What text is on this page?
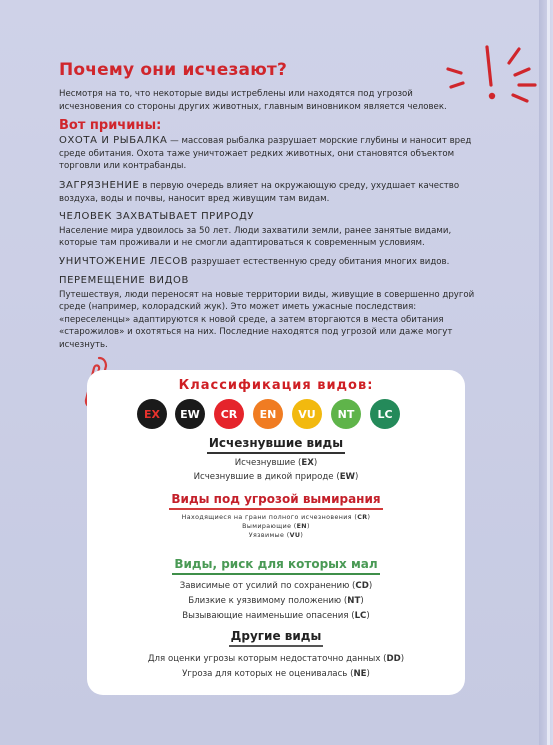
Почему они исчезают?
Несмотря на то, что некоторые виды истреблены или находятся под угрозой исчезновения со стороны других животных, главным виновником является человек.
Вот причины:
ОХОТА И РЫБАЛКА — массовая рыбалка разрушает морские глубины и наносит вред среде обитания. Охота таже уничтожает редких животных, они становятся объектом торговли или контрабанды.
ЗАГРЯЗНЕНИЕ в первую очередь влияет на окружающую среду, ухудшает качество воздуха, воды и почвы, наносит вред живущим там видам.
ЧЕЛОВЕК ЗАХВАТЫВАЕТ ПРИРОДУ
Население мира удвоилось за 50 лет. Люди захватили земли, ранее занятые видами, которые там проживали и не смогли адаптироваться к современным условиям.
УНИЧТОЖЕНИЕ ЛЕСОВ разрушает естественную среду обитания многих видов.
ПЕРЕМЕЩЕНИЕ ВИДОВ
Путешествуя, люди переносят на новые территории виды, живущие в совершенно другой среде (например, колорадский жук). Это может иметь ужасные последствия: «переселенцы» адаптируются к новой среде, а затем вторгаются в места обитания «старожилов» и охотяться на них. Последние находятся под угрозой или даже могут исчезнуть.
Классификация видов:
EX EW CR EN VU NT LC
Исчезнувшие виды
Исчезнувшие (EX)
Исчезнувшие в дикой природе (EW)
Виды под угрозой вымирания
Находящиеся на грани полного исчезновения (CR)
Вымирающие (EN)
Уязвимые (VU)
Виды, риск для которых мал
Зависимые от усилий по сохранению (CD)
Близкие к уязвимому положению (NT)
Вызывающие наименьшие опасения (LC)
Другие виды
Для оценки угрозы которым недостаточно данных (DD)
Угроза для которых не оценивалась (NE)
